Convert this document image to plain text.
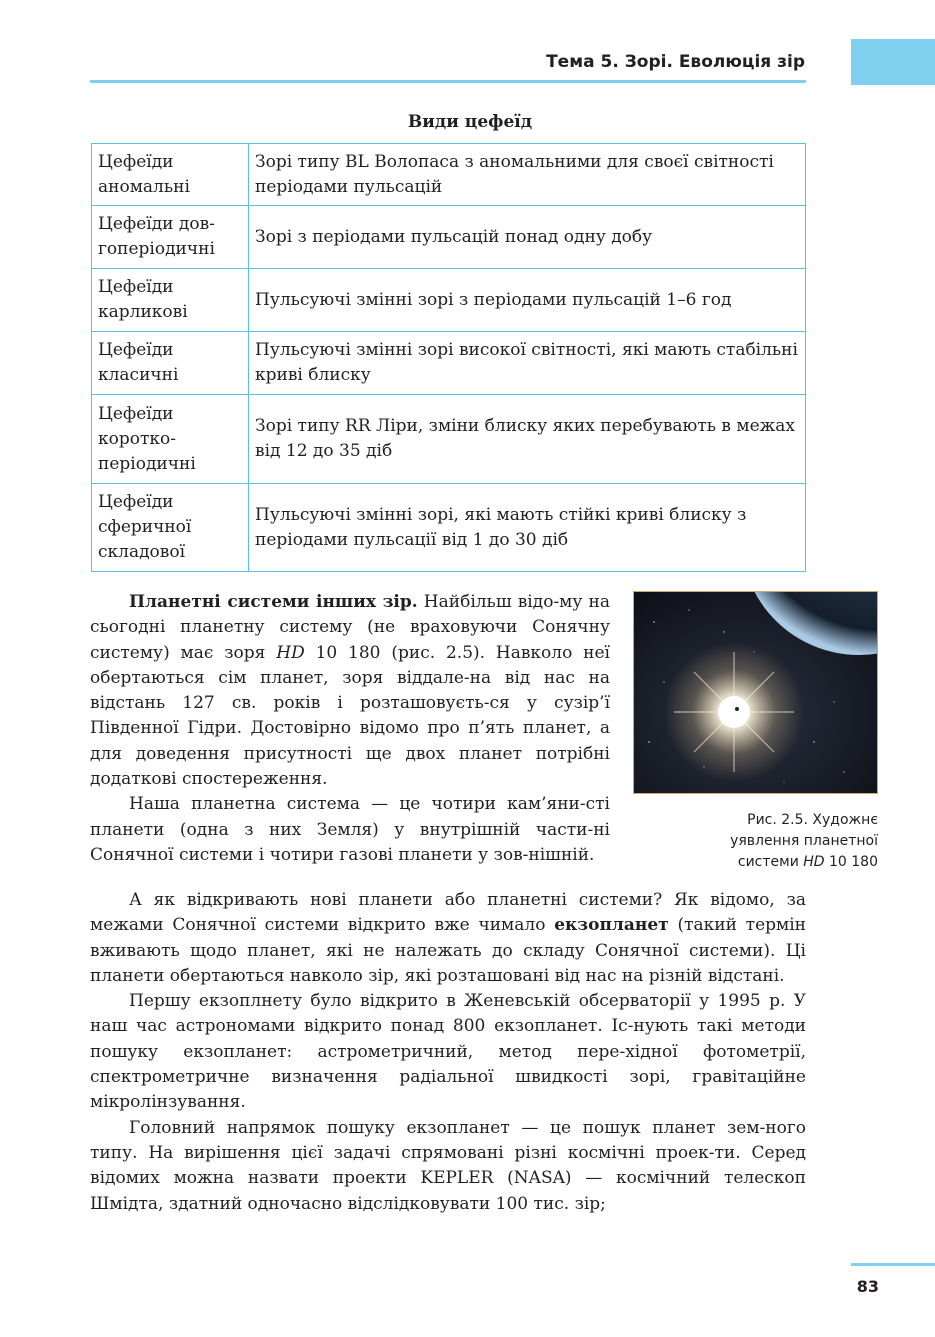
Тема 5. Зорі. Еволюція зір
Види цефеїд
Цефеїди аномальні	Зорі типу BL Волопаса з аномальними для своєї світності періодами пульсацій
Цефеїди дов-гоперіодичні	Зорі з періодами пульсацій понад одну добу
Цефеїди карликові	Пульсуючі змінні зорі з періодами пульсацій 1–6 год
Цефеїди класичні	Пульсуючі змінні зорі високої світності, які мають стабільні криві блиску
Цефеїди коротко-періодичні	Зорі типу RR Ліри, зміни блиску яких перебувають в межах від 12 до 35 діб
Цефеїди сферичної складової	Пульсуючі змінні зорі, які мають стійкі криві блиску з періодами пульсації від 1 до 30 діб
Рис. 2.5. Художнє уявлення планетної системи HD 10 180

Планетні системи інших зір. Найбільш відо-му на сьогодні планетну систему (не враховуючи Сонячну систему) має зоря HD 10 180 (рис. 2.5). Навколо неї обертаються сім планет, зоря віддале-на від нас на відстань 127 св. років і розташовуєть-ся у сузір’ї Південної Гідри. Достовірно відомо про п’ять планет, а для доведення присутності ще двох планет потрібні додаткові спостереження.

Наша планетна система — це чотири кам’яни-сті планети (одна з них Земля) у внутрішній части-ні Сонячної системи і чотири газові планети у зов-нішній.

А як відкривають нові планети або планетні системи? Як відомо, за межами Сонячної системи відкрито вже чимало екзопланет (такий термін вживають щодо планет, які не належать до складу Сонячної системи). Ці планети обертаються навколо зір, які розташовані від нас на різній відстані.

Першу екзоплнету було відкрито в Женевській обсерваторії у 1995 р. У наш час астрономами відкрито понад 800 екзопланет. Іс-нують такі методи пошуку екзопланет: астрометричний, метод пере-хідної фотометрії, спектрометричне визначення радіальної швидкості зорі, гравітаційне мікролінзування.

Головний напрямок пошуку екзопланет — це пошук планет зем-ного типу. На вирішення цієї задачі спрямовані різні космічні проек-ти. Серед відомих можна назвати проекти KEPLER (NASA) — космічний телескоп Шмідта, здатний одночасно відслідковувати 100 тис. зір;

83
